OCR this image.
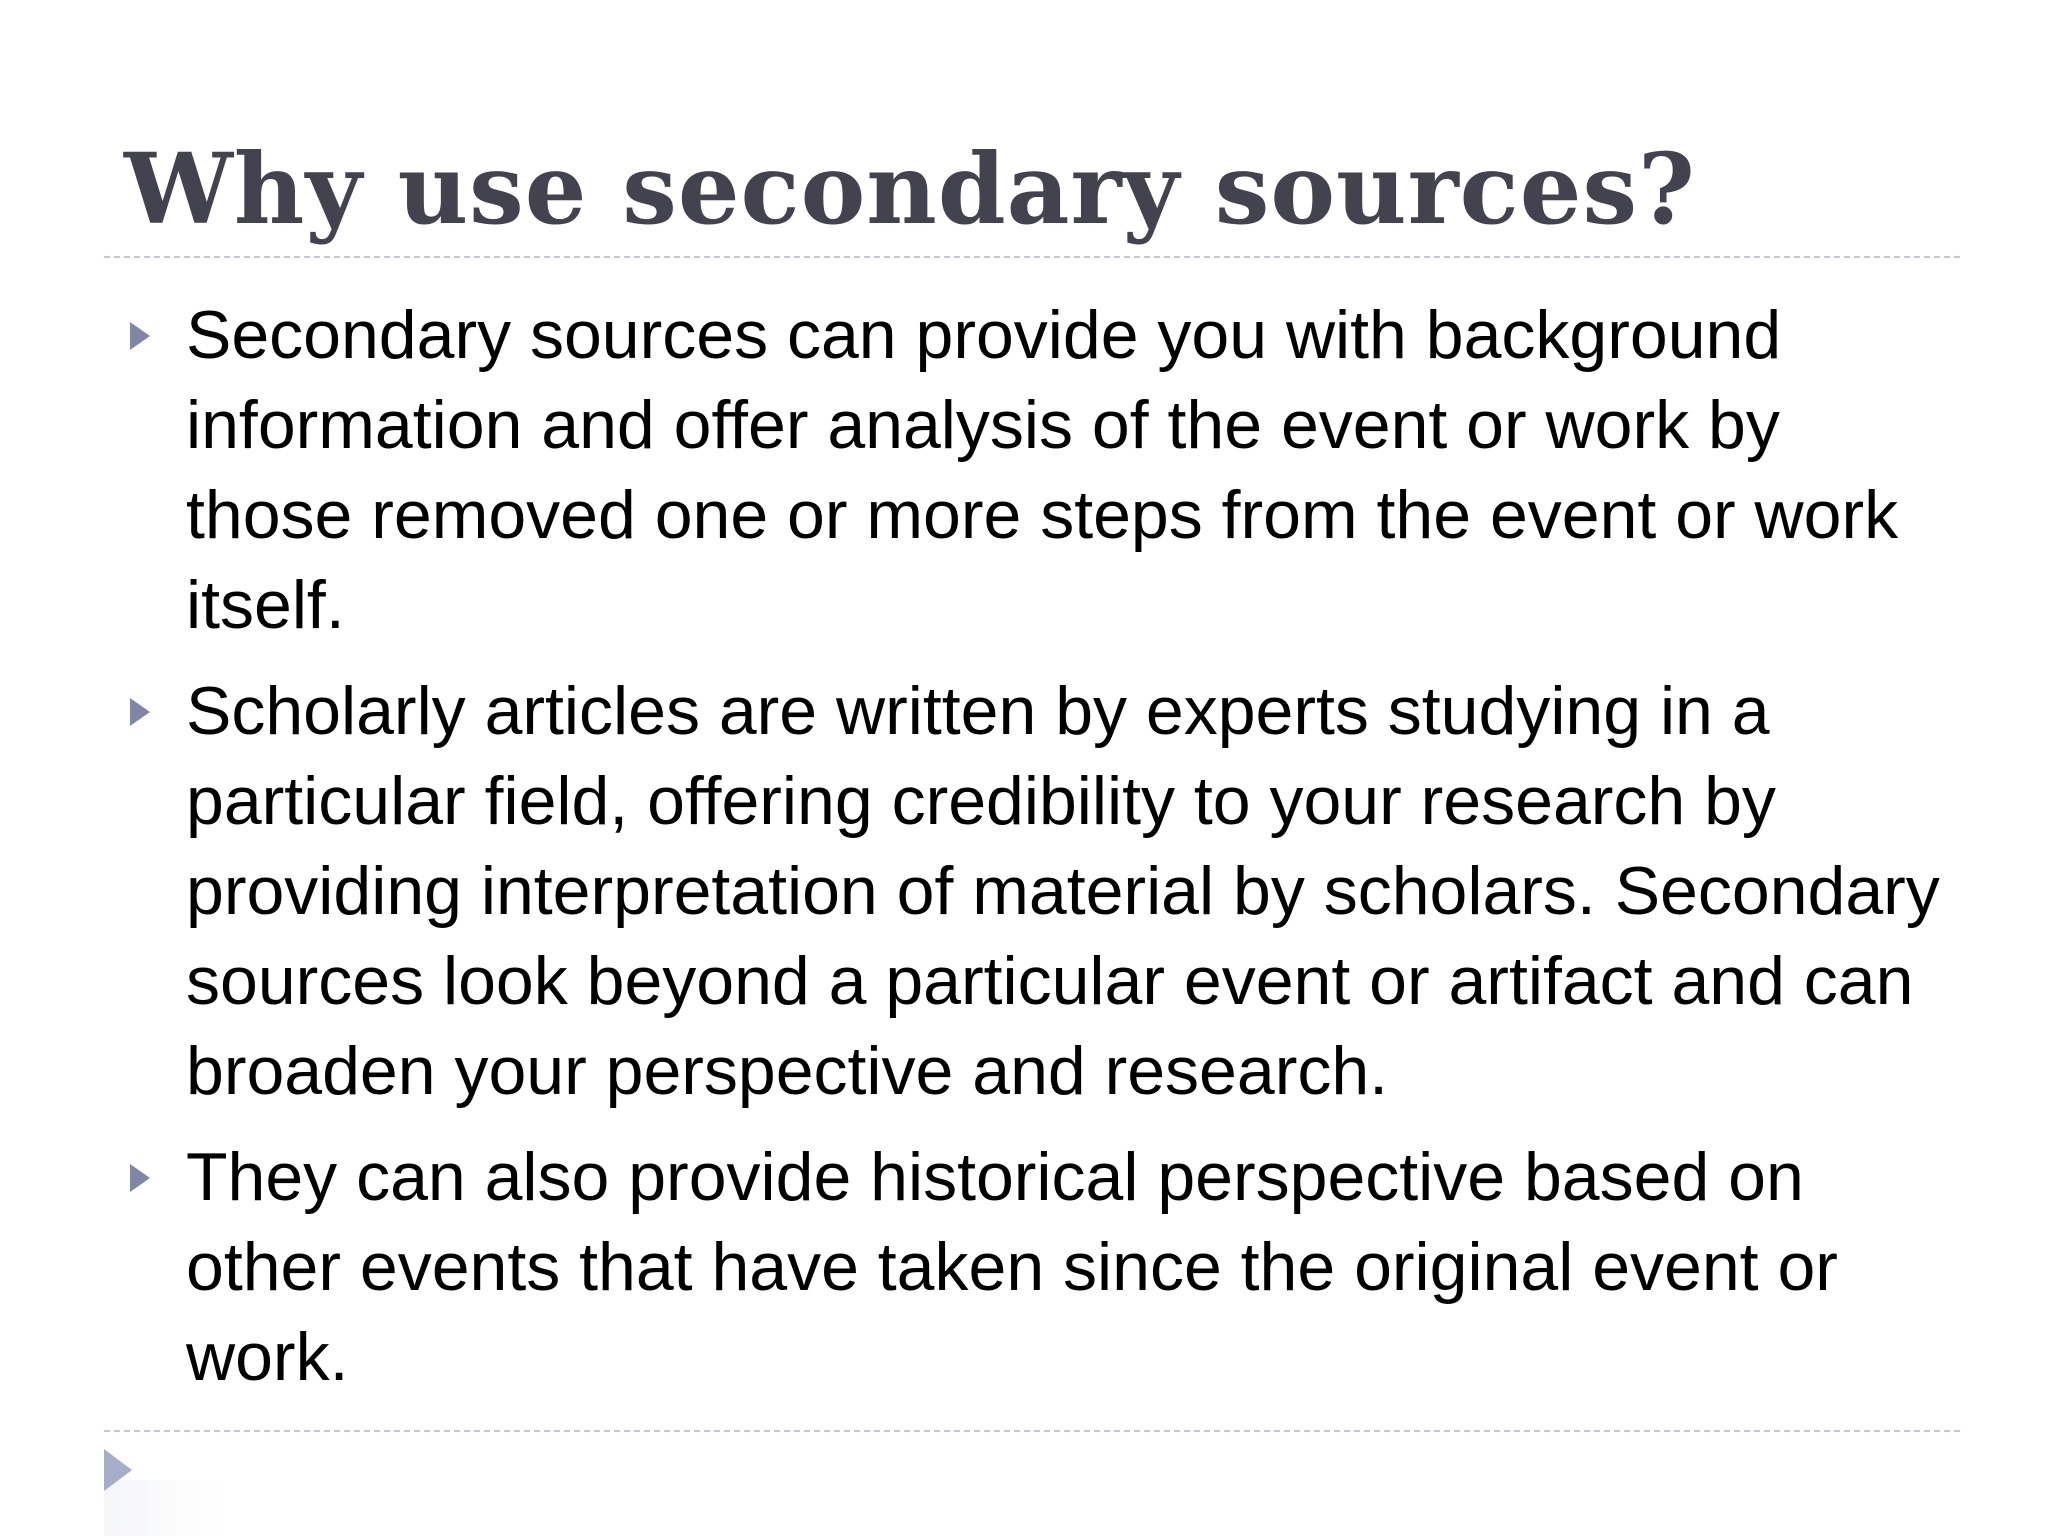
Why use secondary sources?
Secondary sources can provide you with background information and offer analysis of the event or work by those removed one or more steps from the event or work itself.
Scholarly articles are written by experts studying in a particular field, offering credibility to your research by providing interpretation of material by scholars. Secondary sources look beyond a particular event or artifact and can broaden your perspective and research.
They can also provide historical perspective based on other events that have taken since the original event or work.
